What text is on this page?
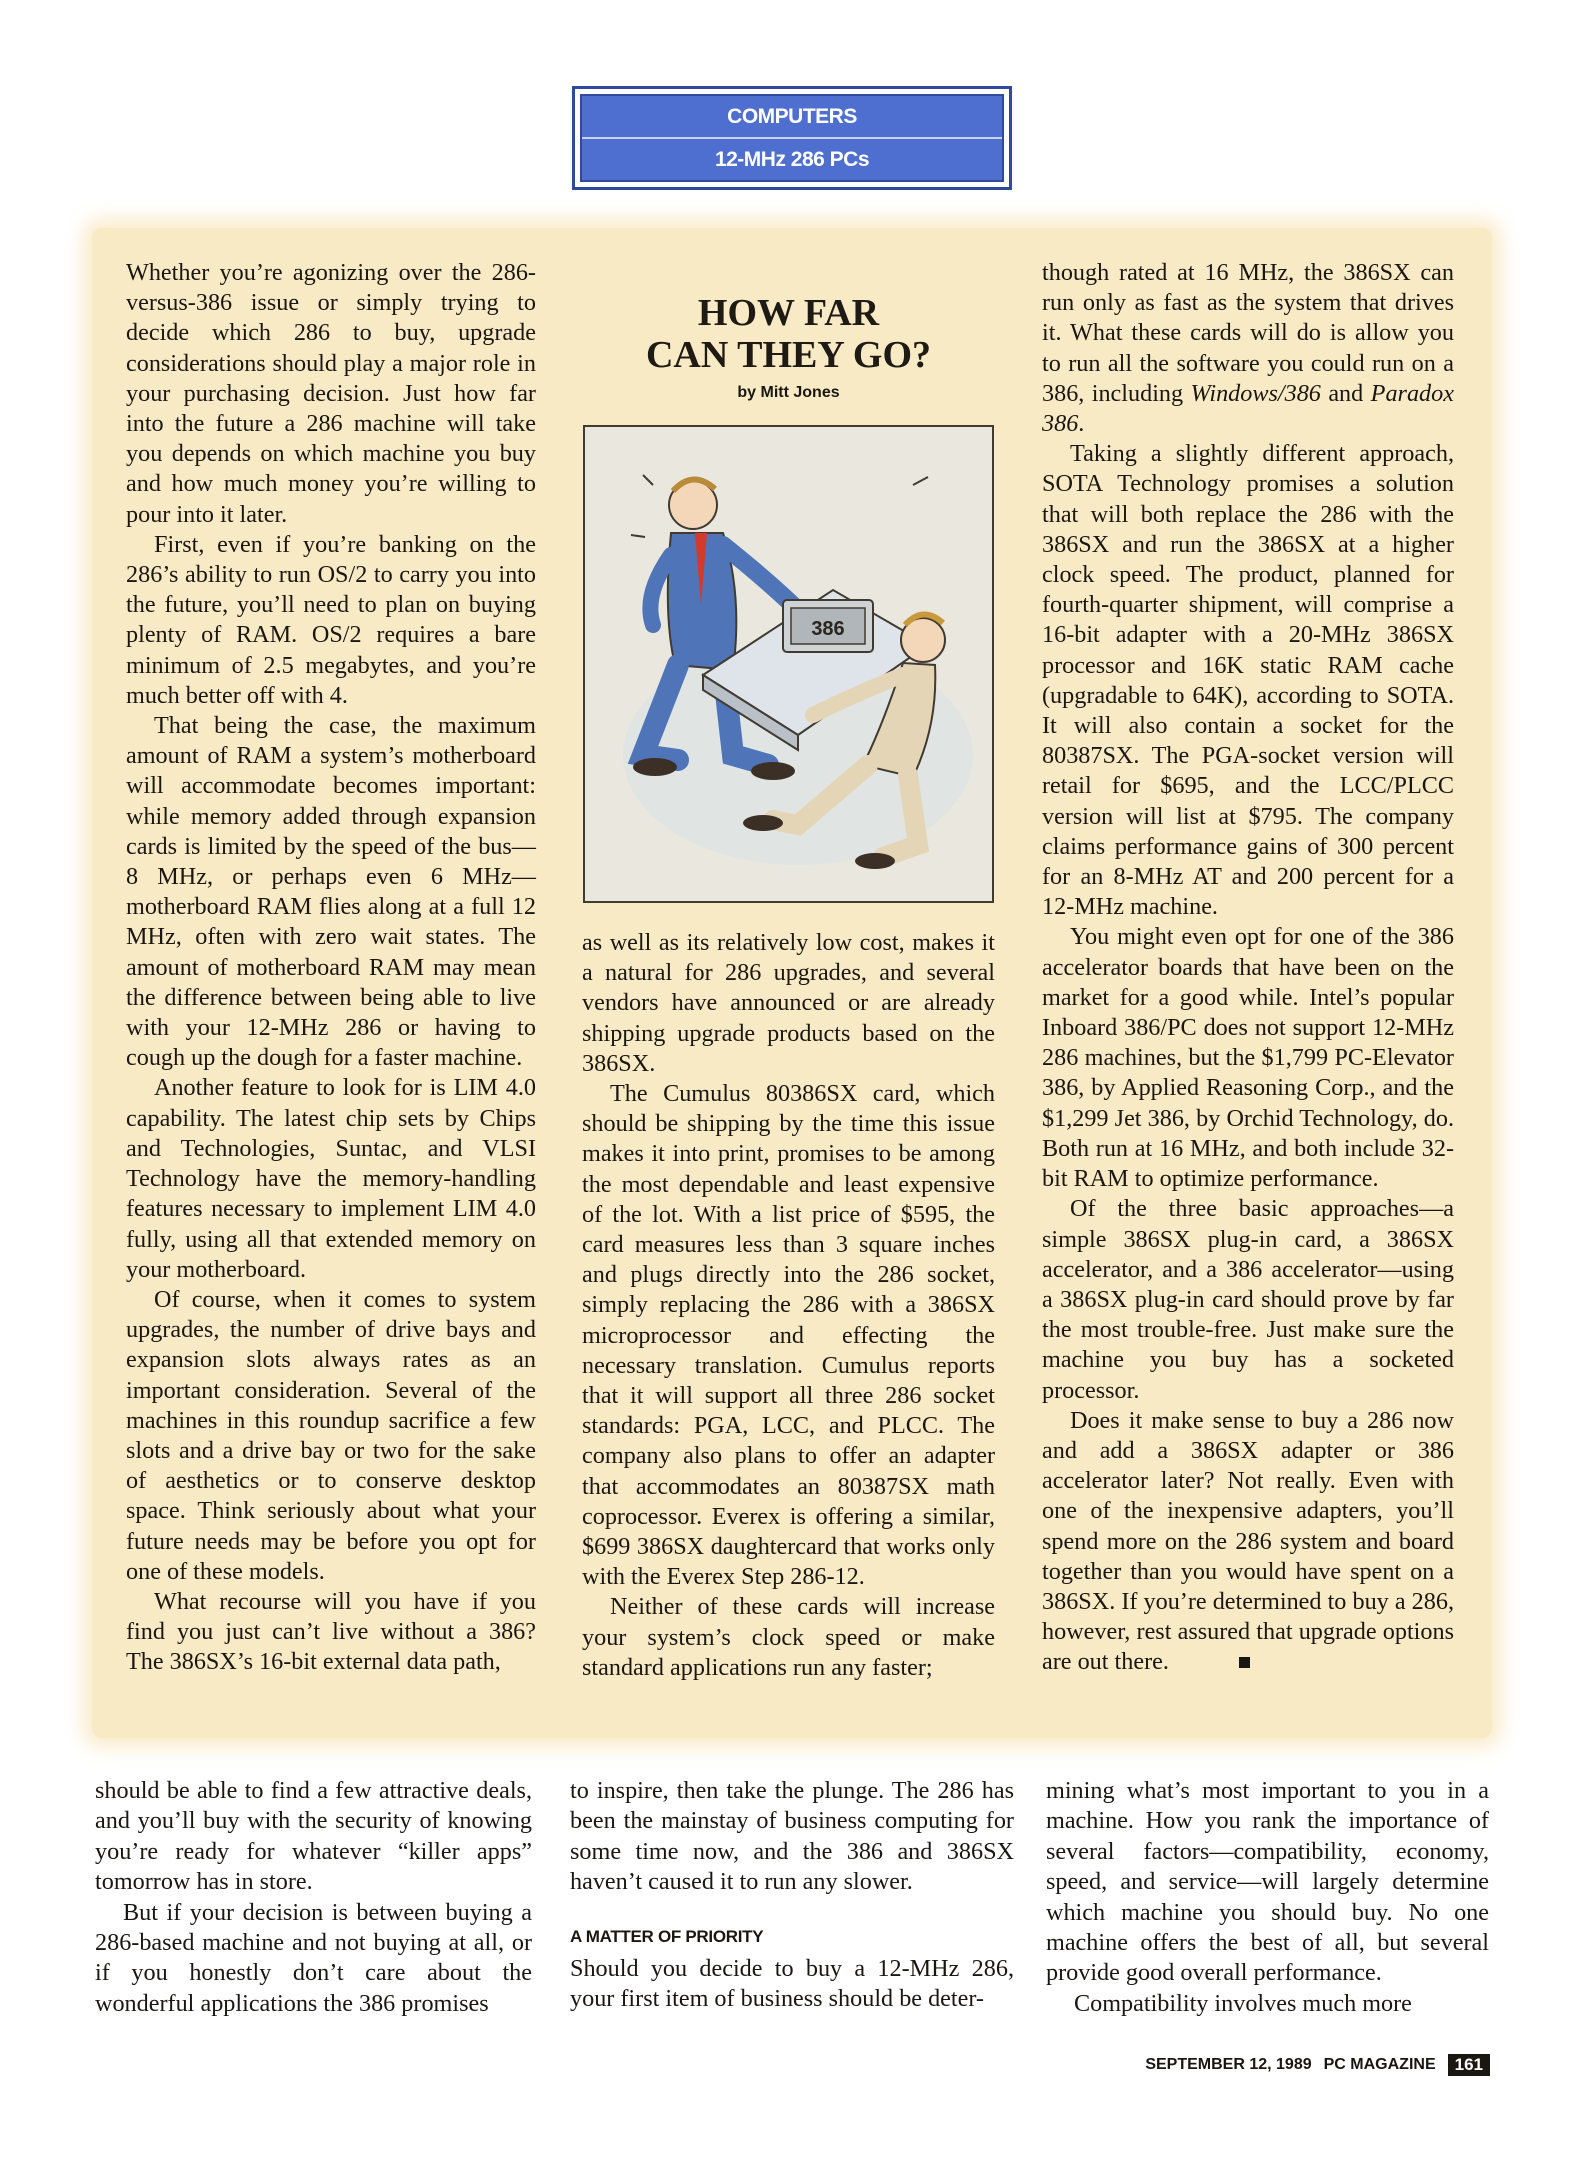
COMPUTERS
12-MHz 286 PCs

Whether you’re agonizing over the 286-versus-386 issue or simply trying to decide which 286 to buy, upgrade considerations should play a major role in your purchasing decision. Just how far into the future a 286 machine will take you depends on which machine you buy and how much money you’re willing to pour into it later.

First, even if you’re banking on the 286’s ability to run OS/2 to carry you into the future, you’ll need to plan on buying plenty of RAM. OS/2 requires a bare minimum of 2.5 megabytes, and you’re much better off with 4.

That being the case, the maximum amount of RAM a system’s motherboard will accommodate becomes important: while memory added through expansion cards is limited by the speed of the bus—8 MHz, or perhaps even 6 MHz—motherboard RAM flies along at a full 12 MHz, often with zero wait states. The amount of motherboard RAM may mean the difference between being able to live with your 12-MHz 286 or having to cough up the dough for a faster machine.

Another feature to look for is LIM 4.0 capability. The latest chip sets by Chips and Technologies, Suntac, and VLSI Technology have the memory-handling features necessary to implement LIM 4.0 fully, using all that extended memory on your motherboard.

Of course, when it comes to system upgrades, the number of drive bays and expansion slots always rates as an important consideration. Several of the machines in this roundup sacrifice a few slots and a drive bay or two for the sake of aesthetics or to conserve desktop space. Think seriously about what your future needs may be before you opt for one of these models.

What recourse will you have if you find you just can’t live without a 386? The 386SX’s 16-bit external data path,

HOW FAR
CAN THEY GO?
by Mitt Jones
386

as well as its relatively low cost, makes it a natural for 286 upgrades, and several vendors have announced or are already shipping upgrade products based on the 386SX.

The Cumulus 80386SX card, which should be shipping by the time this issue makes it into print, promises to be among the most dependable and least expensive of the lot. With a list price of $595, the card measures less than 3 square inches and plugs directly into the 286 socket, simply replacing the 286 with a 386SX microprocessor and effecting the necessary translation. Cumulus reports that it will support all three 286 socket standards: PGA, LCC, and PLCC. The company also plans to offer an adapter that accommodates an 80387SX math coprocessor. Everex is offering a similar, $699 386SX daughtercard that works only with the Everex Step 286-12.

Neither of these cards will increase your system’s clock speed or make standard applications run any faster;

though rated at 16 MHz, the 386SX can run only as fast as the system that drives it. What these cards will do is allow you to run all the software you could run on a 386, including Windows/386 and Paradox 386.

Taking a slightly different approach, SOTA Technology promises a solution that will both replace the 286 with the 386SX and run the 386SX at a higher clock speed. The product, planned for fourth-quarter shipment, will comprise a 16-bit adapter with a 20-MHz 386SX processor and 16K static RAM cache (upgradable to 64K), according to SOTA. It will also contain a socket for the 80387SX. The PGA-socket version will retail for $695, and the LCC/PLCC version will list at $795. The company claims performance gains of 300 percent for an 8-MHz AT and 200 percent for a 12-MHz machine.

You might even opt for one of the 386 accelerator boards that have been on the market for a good while. Intel’s popular Inboard 386/PC does not support 12-MHz 286 machines, but the $1,799 PC-Elevator 386, by Applied Reasoning Corp., and the $1,299 Jet 386, by Orchid Technology, do. Both run at 16 MHz, and both include 32-bit RAM to optimize performance.

Of the three basic approaches—a simple 386SX plug-in card, a 386SX accelerator, and a 386 accelerator—using a 386SX plug-in card should prove by far the most trouble-free. Just make sure the machine you buy has a socketed processor.

Does it make sense to buy a 286 now and add a 386SX adapter or 386 accelerator later? Not really. Even with one of the inexpensive adapters, you’ll spend more on the 286 system and board together than you would have spent on a 386SX. If you’re determined to buy a 286, however, rest assured that upgrade options are out there.

should be able to find a few attractive deals, and you’ll buy with the security of knowing you’re ready for whatever “killer apps” tomorrow has in store.

But if your decision is between buying a 286-based machine and not buying at all, or if you honestly don’t care about the wonderful applications the 386 promises

to inspire, then take the plunge. The 286 has been the mainstay of business computing for some time now, and the 386 and 386SX haven’t caused it to run any slower.

A MATTER OF PRIORITY

Should you decide to buy a 12-MHz 286, your first item of business should be deter-

mining what’s most important to you in a machine. How you rank the importance of several factors—compatibility, economy, speed, and service—will largely determine which machine you should buy. No one machine offers the best of all, but several provide good overall performance.

Compatibility involves much more

SEPTEMBER 12, 1989 PC MAGAZINE	161
